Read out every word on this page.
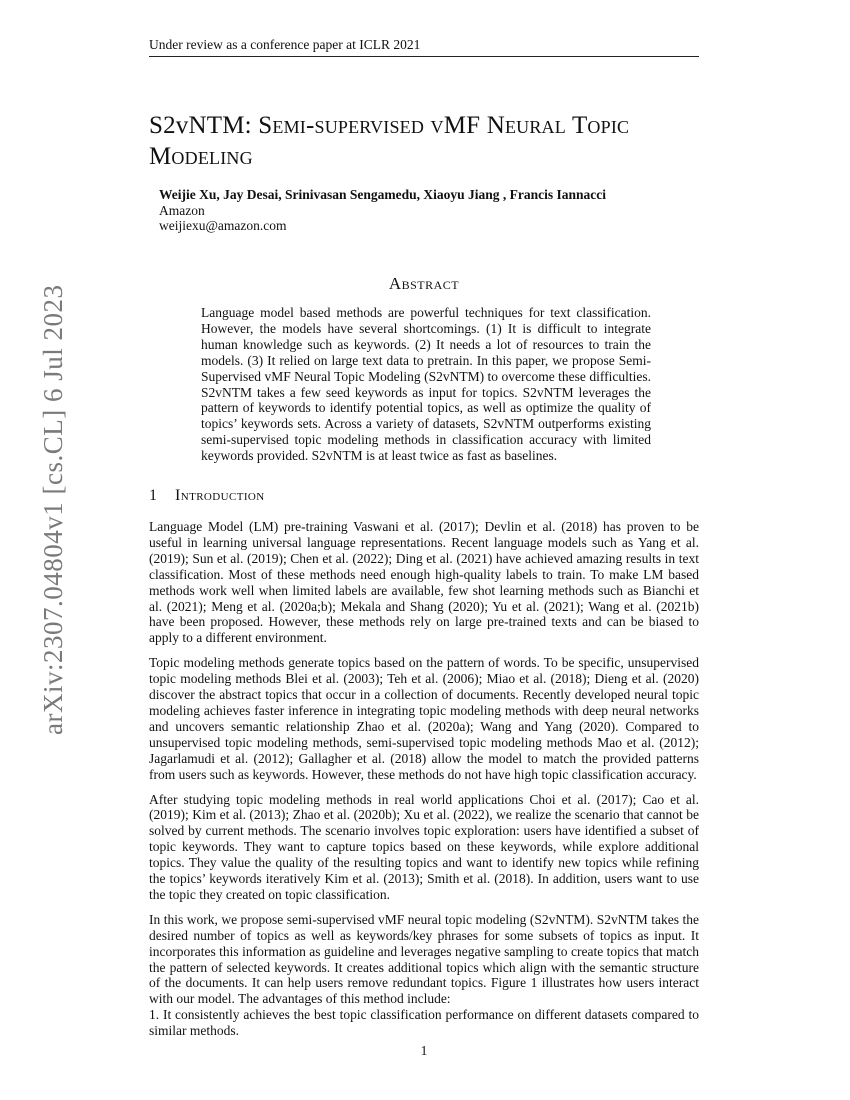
Under review as a conference paper at ICLR 2021
S2vNTM: Semi-supervised vMF Neural Topic Modeling
Weijie Xu, Jay Desai, Srinivasan Sengamedu, Xiaoyu Jiang , Francis Iannacci
Amazon
weijiexu@amazon.com
Abstract

Language model based methods are powerful techniques for text classification. However, the models have several shortcomings. (1) It is difficult to integrate human knowledge such as keywords. (2) It needs a lot of resources to train the models. (3) It relied on large text data to pretrain. In this paper, we propose Semi-Supervised vMF Neural Topic Modeling (S2vNTM) to overcome these difficulties. S2vNTM takes a few seed keywords as input for topics. S2vNTM leverages the pattern of keywords to identify potential topics, as well as optimize the quality of topics’ keywords sets. Across a variety of datasets, S2vNTM outperforms existing semi-supervised topic modeling methods in classification accuracy with limited keywords provided. S2vNTM is at least twice as fast as baselines.

1 Introduction

Language Model (LM) pre-training Vaswani et al. (2017); Devlin et al. (2018) has proven to be useful in learning universal language representations. Recent language models such as Yang et al. (2019); Sun et al. (2019); Chen et al. (2022); Ding et al. (2021) have achieved amazing results in text classification. Most of these methods need enough high-quality labels to train. To make LM based methods work well when limited labels are available, few shot learning methods such as Bianchi et al. (2021); Meng et al. (2020a;b); Mekala and Shang (2020); Yu et al. (2021); Wang et al. (2021b) have been proposed. However, these methods rely on large pre-trained texts and can be biased to apply to a different environment.

Topic modeling methods generate topics based on the pattern of words. To be specific, unsupervised topic modeling methods Blei et al. (2003); Teh et al. (2006); Miao et al. (2018); Dieng et al. (2020) discover the abstract topics that occur in a collection of documents. Recently developed neural topic modeling achieves faster inference in integrating topic modeling methods with deep neural networks and uncovers semantic relationship Zhao et al. (2020a); Wang and Yang (2020). Compared to unsupervised topic modeling methods, semi-supervised topic modeling methods Mao et al. (2012); Jagarlamudi et al. (2012); Gallagher et al. (2018) allow the model to match the provided patterns from users such as keywords. However, these methods do not have high topic classification accuracy.

After studying topic modeling methods in real world applications Choi et al. (2017); Cao et al. (2019); Kim et al. (2013); Zhao et al. (2020b); Xu et al. (2022), we realize the scenario that cannot be solved by current methods. The scenario involves topic exploration: users have identified a subset of topic keywords. They want to capture topics based on these keywords, while explore additional topics. They value the quality of the resulting topics and want to identify new topics while refining the topics’ keywords iteratively Kim et al. (2013); Smith et al. (2018). In addition, users want to use the topic they created on topic classification.

In this work, we propose semi-supervised vMF neural topic modeling (S2vNTM). S2vNTM takes the desired number of topics as well as keywords/key phrases for some subsets of topics as input. It incorporates this information as guideline and leverages negative sampling to create topics that match the pattern of selected keywords. It creates additional topics which align with the semantic structure of the documents. It can help users remove redundant topics. Figure 1 illustrates how users interact with our model. The advantages of this method include:

1. It consistently achieves the best topic classification performance on different datasets compared to similar methods.

1
arXiv:2307.04804v1 [cs.CL] 6 Jul 2023
